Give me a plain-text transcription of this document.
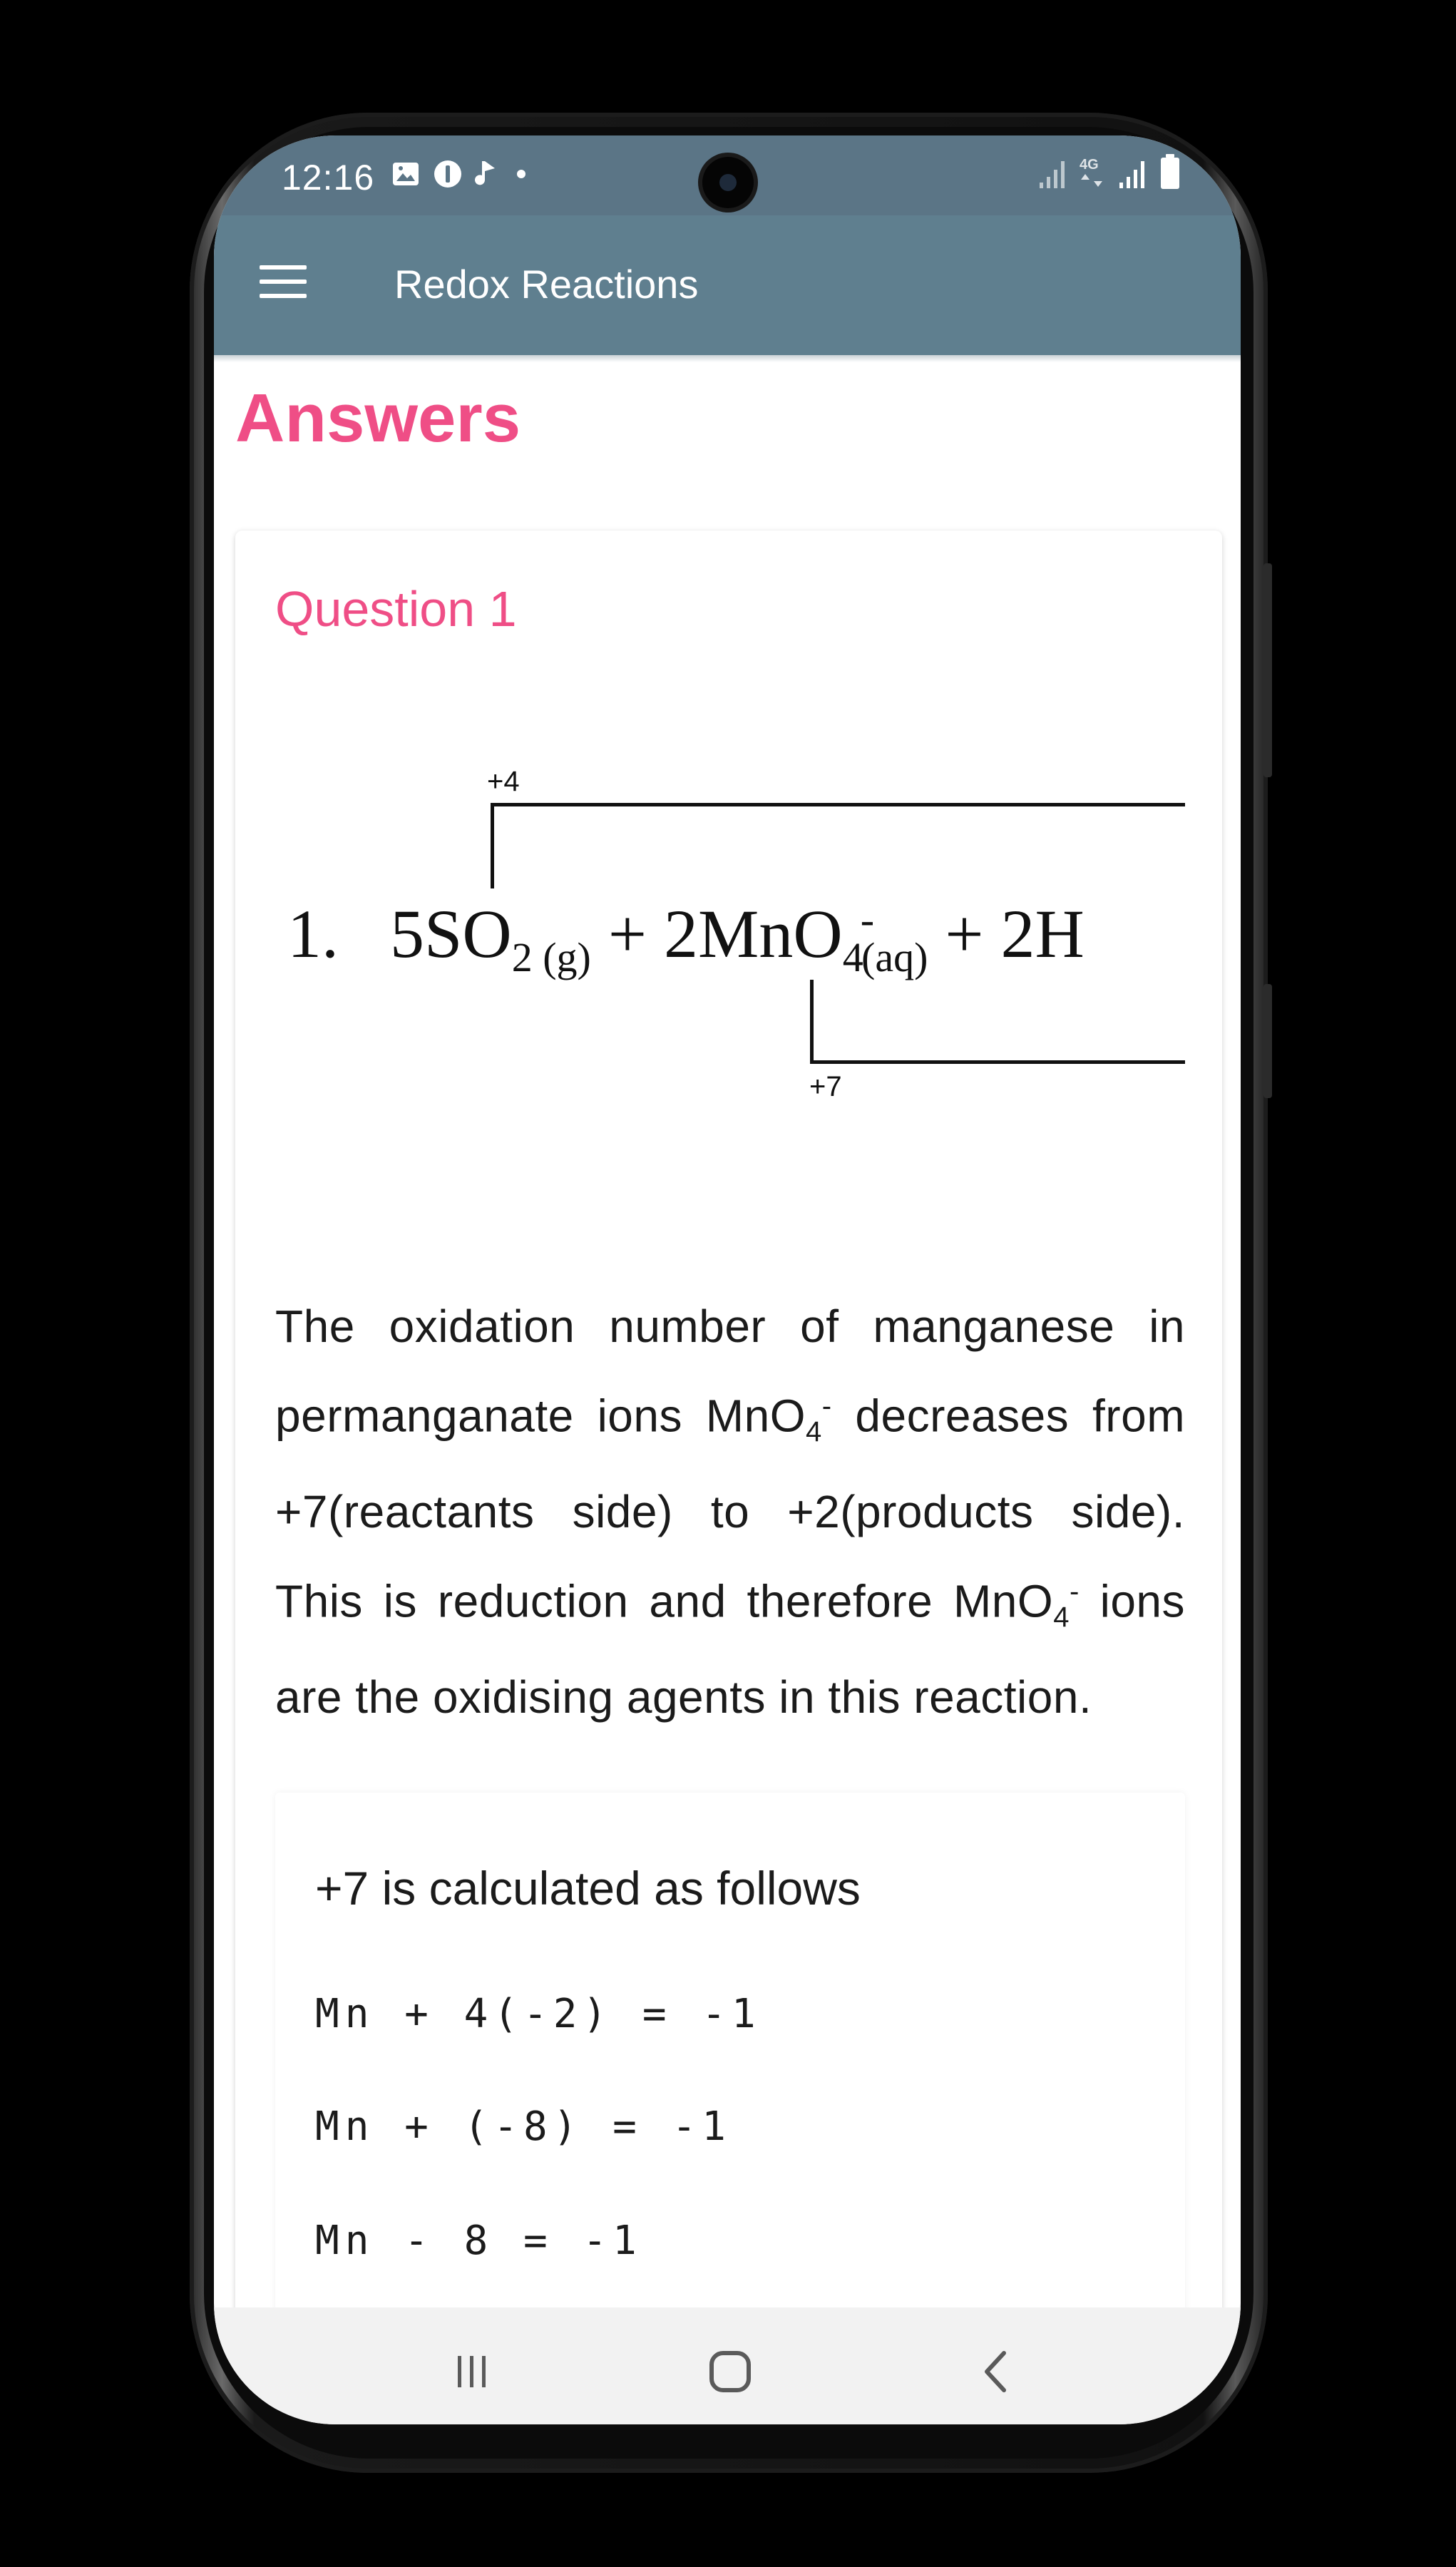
12:16	4G
Redox Reactions
Answers
Question 1
+4
1.   $5SO_{2 (g)} + 2MnO_4^-_{(aq)} + 2H$
+7
The oxidation number of manganese in permanganate ions MnO$_4$- decreases from +7(reactants side) to +2(products side). This is reduction and therefore MnO$_4$- ions are the oxidising agents in this reaction.
+7 is calculated as follows
Mn + 4(-2) = -1
Mn + (-8) = -1
Mn - 8 = -1
